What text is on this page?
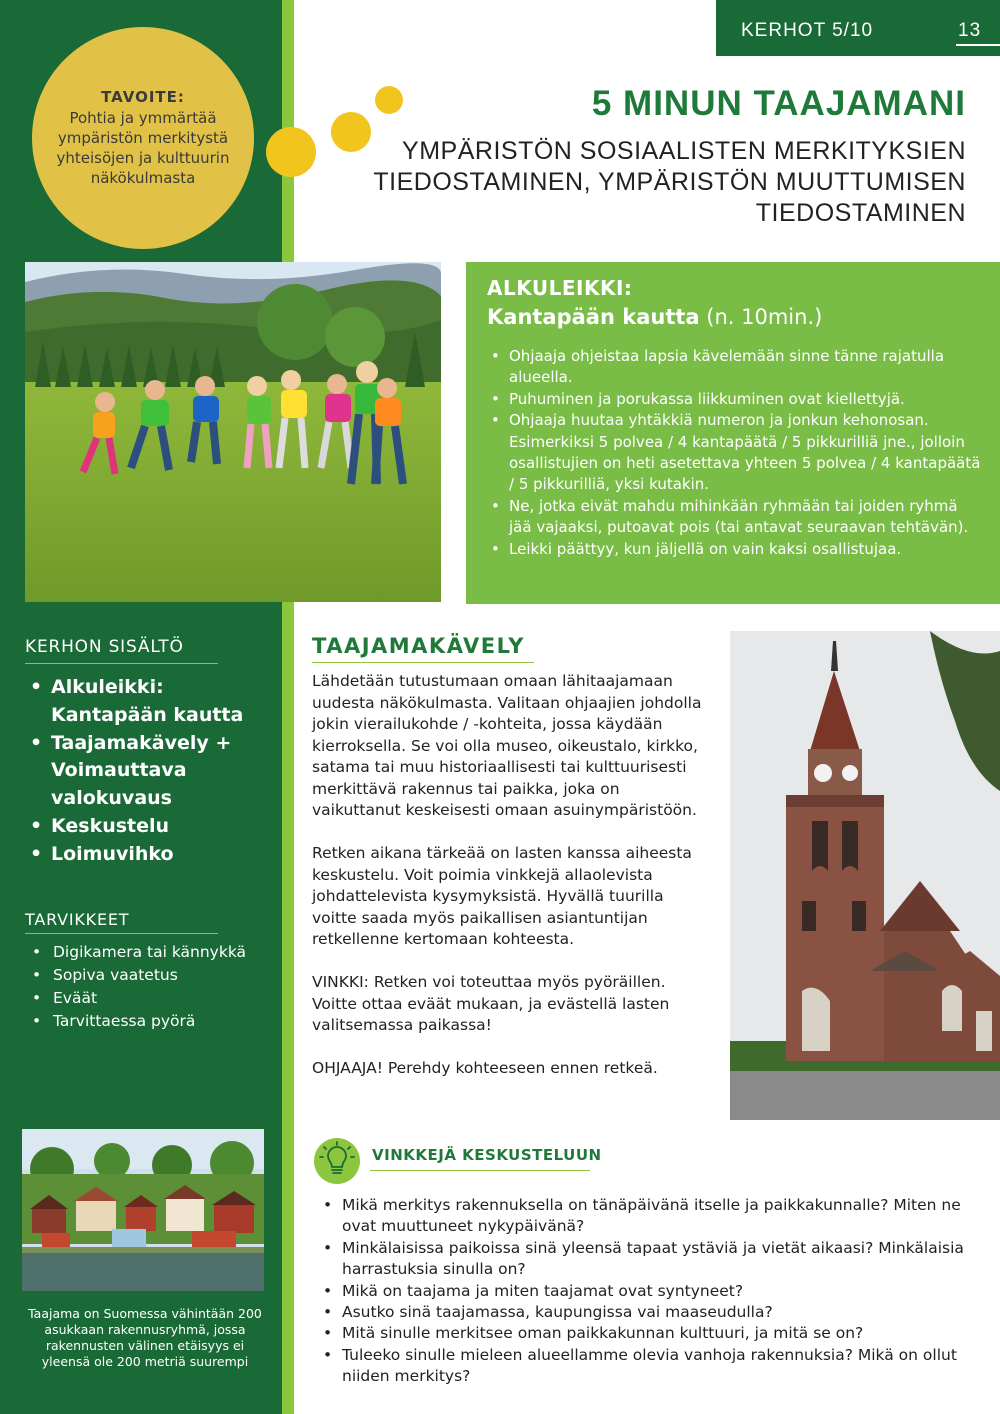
TAVOITE:
Pohtia ja ymmärtää ympäristön merkitystä yhteisöjen ja kulttuurin näkökulmasta
KERHOT 5/10	13
5 MINUN TAAJAMANI
YMPÄRISTÖN SOSIAALISTEN MERKITYKSIEN TIEDOSTAMINEN, YMPÄRISTÖN MUUTTUMISEN TIEDOSTAMINEN
ALKULEIKKI:
Kantapään kautta (n. 10min.)
• Ohjaaja ohjeistaa lapsia kävelemään sinne tänne rajatulla alueella.
• Puhuminen ja porukassa liikkuminen ovat kiellettyjä.
• Ohjaaja huutaa yhtäkkiä numeron ja jonkun kehonosan. Esimerkiksi 5 polvea / 4 kantapäätä / 5 pikkurilliä jne., jolloin osallistujien on heti asetettava yhteen 5 polvea / 4 kantapäätä / 5 pikkurilliä, yksi kutakin.
• Ne, jotka eivät mahdu mihinkään ryhmään tai joiden ryhmä jää vajaaksi, putoavat pois (tai antavat seuraavan tehtävän).
• Leikki päättyy, kun jäljellä on vain kaksi osallistujaa.
KERHON SISÄLTÖ
• Alkuleikki: Kantapään kautta
• Taajamakävely + Voimauttava valokuvaus
• Keskustelu
• Loimuvihko
TARVIKKEET
• Digikamera tai kännykkä
• Sopiva vaatetus
• Eväät
• Tarvittaessa pyörä
Taajama on Suomessa vähintään 200 asukkaan rakennusryhmä, jossa rakennusten välinen etäisyys ei yleensä ole 200 metriä suurempi
TAAJAMAKÄVELY

Lähdetään tutustumaan omaan lähitaajamaan uudesta näkökulmasta. Valitaan ohjaajien johdolla jokin vierailukohde / -kohteita, jossa käydään kierroksella. Se voi olla museo, oikeustalo, kirkko, satama tai muu historiaallisesti tai kulttuurisesti merkittävä rakennus tai paikka, joka on vaikuttanut keskeisesti omaan asuinympäristöön.

Retken aikana tärkeää on lasten kanssa aiheesta keskustelu. Voit poimia vinkkejä allaolevista johdattelevista kysymyksistä. Hyvällä tuurilla voitte saada myös paikallisen asiantuntijan retkellenne kertomaan kohteesta.

VINKKI: Retken voi toteuttaa myös pyöräillen. Voitte ottaa eväät mukaan, ja evästellä lasten valitsemassa paikassa!

OHJAAJA! Perehdy kohteeseen ennen retkeä.

VINKKEJÄ KESKUSTELUUN
• Mikä merkitys rakennuksella on tänäpäivänä itselle ja paikkakunnalle? Miten ne ovat muuttuneet nykypäivänä?
• Minkälaisissa paikoissa sinä yleensä tapaat ystäviä ja vietät aikaasi? Minkälaisia harrastuksia sinulla on?
• Mikä on taajama ja miten taajamat ovat syntyneet?
• Asutko sinä taajamassa, kaupungissa vai maaseudulla?
• Mitä sinulle merkitsee oman paikkakunnan kulttuuri, ja mitä se on?
• Tuleeko sinulle mieleen alueellamme olevia vanhoja rakennuksia? Mikä on ollut niiden merkitys?
